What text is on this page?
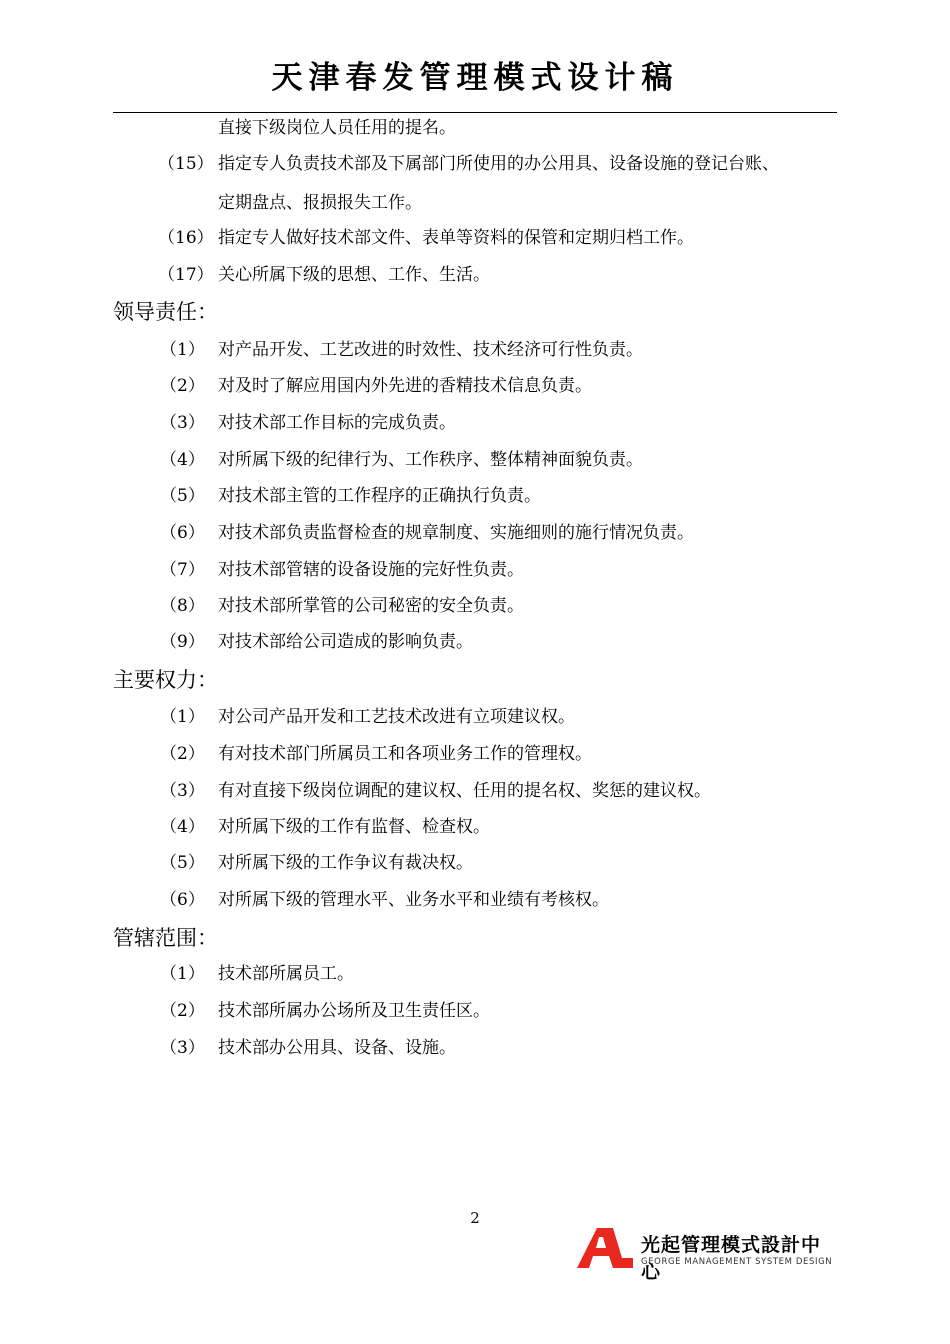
天津春发管理模式设计稿
直接下级岗位人员任用的提名。
（15） 指定专人负责技术部及下属部门所使用的办公用具、设备设施的登记台账、
定期盘点、报损报失工作。
（16） 指定专人做好技术部文件、表单等资料的保管和定期归档工作。
（17） 关心所属下级的思想、工作、生活。
领导责任：
（1） 对产品开发、工艺改进的时效性、技术经济可行性负责。
（2） 对及时了解应用国内外先进的香精技术信息负责。
（3） 对技术部工作目标的完成负责。
（4） 对所属下级的纪律行为、工作秩序、整体精神面貌负责。
（5） 对技术部主管的工作程序的正确执行负责。
（6） 对技术部负责监督检查的规章制度、实施细则的施行情况负责。
（7） 对技术部管辖的设备设施的完好性负责。
（8） 对技术部所掌管的公司秘密的安全负责。
（9） 对技术部给公司造成的影响负责。
主要权力：
（1） 对公司产品开发和工艺技术改进有立项建议权。
（2） 有对技术部门所属员工和各项业务工作的管理权。
（3） 有对直接下级岗位调配的建议权、任用的提名权、奖惩的建议权。
（4） 对所属下级的工作有监督、检查权。
（5） 对所属下级的工作争议有裁决权。
（6） 对所属下级的管理水平、业务水平和业绩有考核权。
管辖范围：
（1） 技术部所属员工。
（2） 技术部所属办公场所及卫生责任区。
（3） 技术部办公用具、设备、设施。
2
光起管理模式設計中心
GEORGE MANAGEMENT SYSTEM DESIGN
